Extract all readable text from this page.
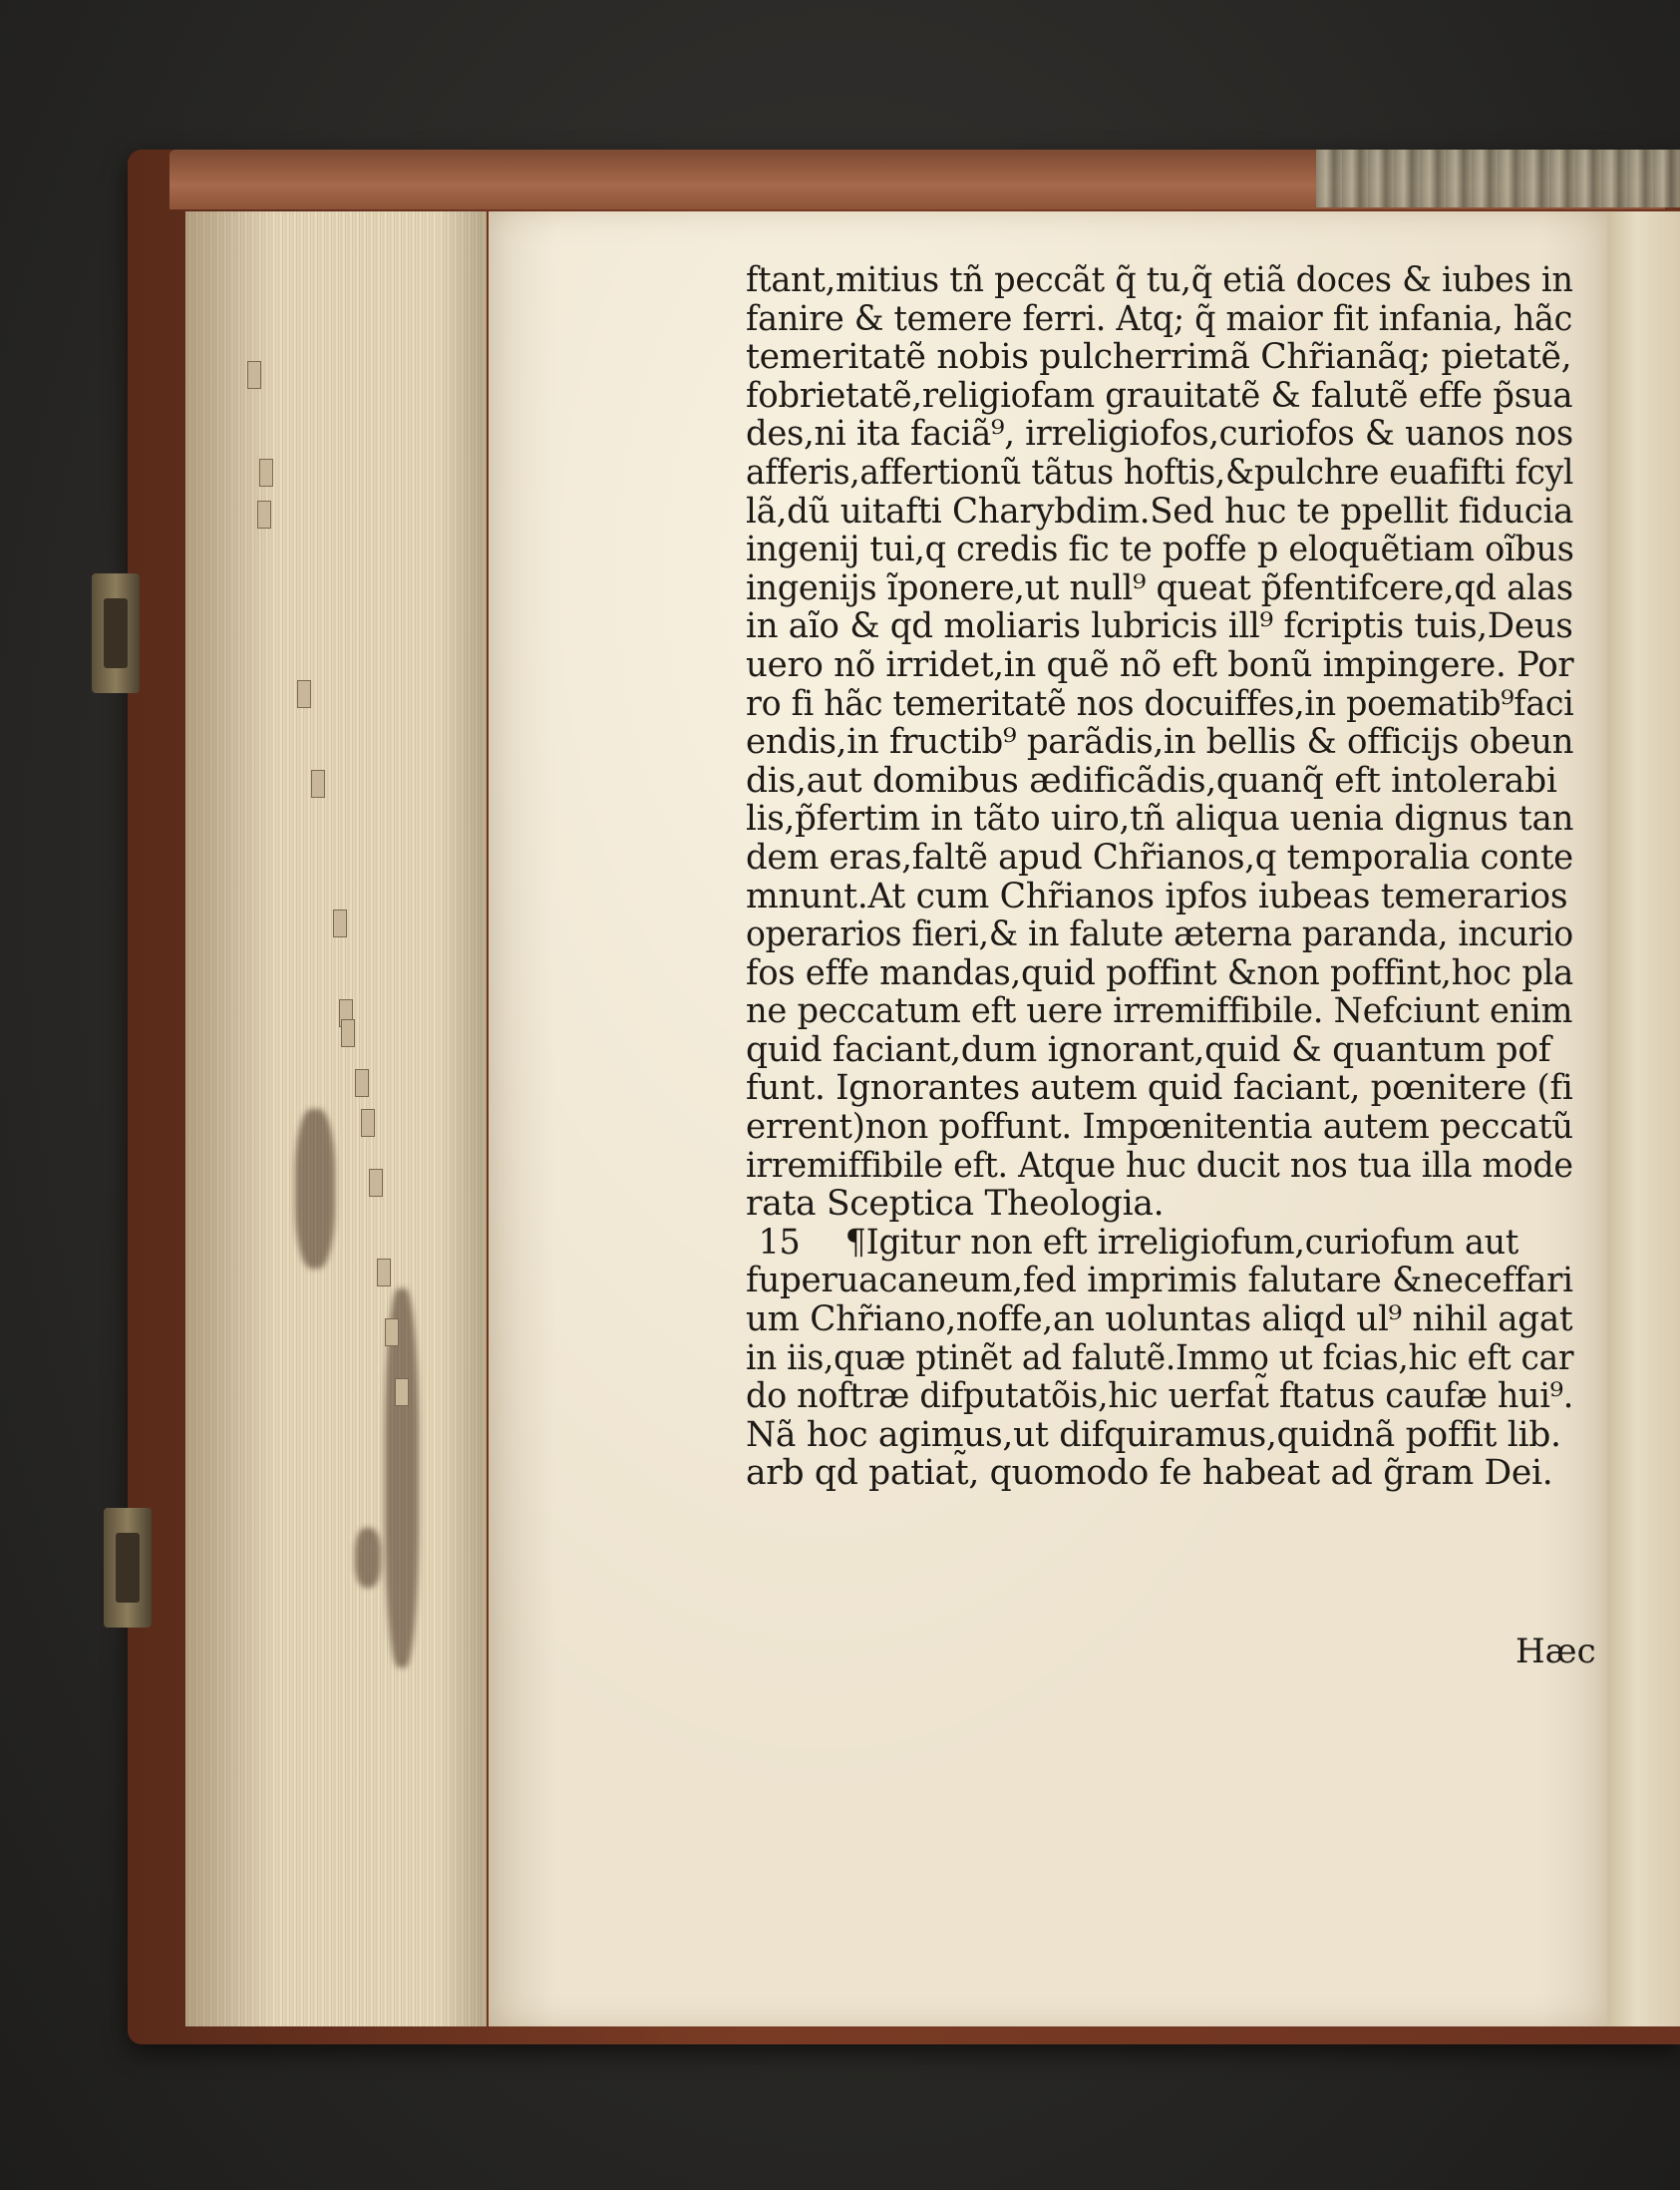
ftant,mitius tñ peccãt q̃ tu,q̃ etiã doces & iubes in
fanire & temere ferri. Atq; q̃ maior fit infania, hãc
temeritatẽ nobis pulcherrimã Chr̃ianãq; pietatẽ,
fobrietatẽ,religiofam grauitatẽ & falutẽ effe p̃sua
des,ni ita faciã⁹, irreligiofos,curiofos & uanos nos
afferis,affertionũ tãtus hoftis,&pulchre euafifti fcyl
lã,dũ uitafti Charybdim.Sed huc te ppellit fiducia
ingenij tui,q credis fic te poffe p eloquẽtiam oĩbus
ingenijs ĩponere,ut null⁹ queat p̃fentifcere,qd alas
in aĩo & qd moliaris lubricis ill⁹ fcriptis tuis,Deus
uero nõ irridet,in quẽ nõ eft bonũ impingere. Por
ro fi hãc temeritatẽ nos docuiffes,in poematib⁹faci
endis,in fructib⁹ parãdis,in bellis & officijs obeun
dis,aut domibus ædificãdis,quanq̃ eft intolerabi
lis,p̃fertim in tãto uiro,tñ aliqua uenia dignus tan
dem eras,faltẽ apud Chr̃ianos,q temporalia conte
mnunt.At cum Chr̃ianos ipfos iubeas temerarios
operarios fieri,& in falute æterna paranda, incurio
fos effe mandas,quid poffint &non poffint,hoc pla
ne peccatum eft uere irremiffibile. Nefciunt enim
quid faciant,dum ignorant,quid & quantum pof
funt. Ignorantes autem quid faciant, pœnitere (fi
errent)non poffunt. Impœnitentia autem peccatũ
irremiffibile eft. Atque huc ducit nos tua illa mode
rata Sceptica Theologia.
15 ¶Igitur non eft irreligiofum,curiofum aut
fuperuacaneum,fed imprimis falutare &neceffari
um Chr̃iano,noffe,an uoluntas aliqd ul⁹ nihil agat
in iis,quæ ptinẽt ad falutẽ.Immo ut fcias,hic eft car
do noftræ difputatõis,hic uerfat̃ ftatus caufæ hui⁹.
Nã hoc agimus,ut difquiramus,quidnã poffit lib.
arb qd patiat̃, quomodo fe habeat ad g̃ram Dei.
Hæc
